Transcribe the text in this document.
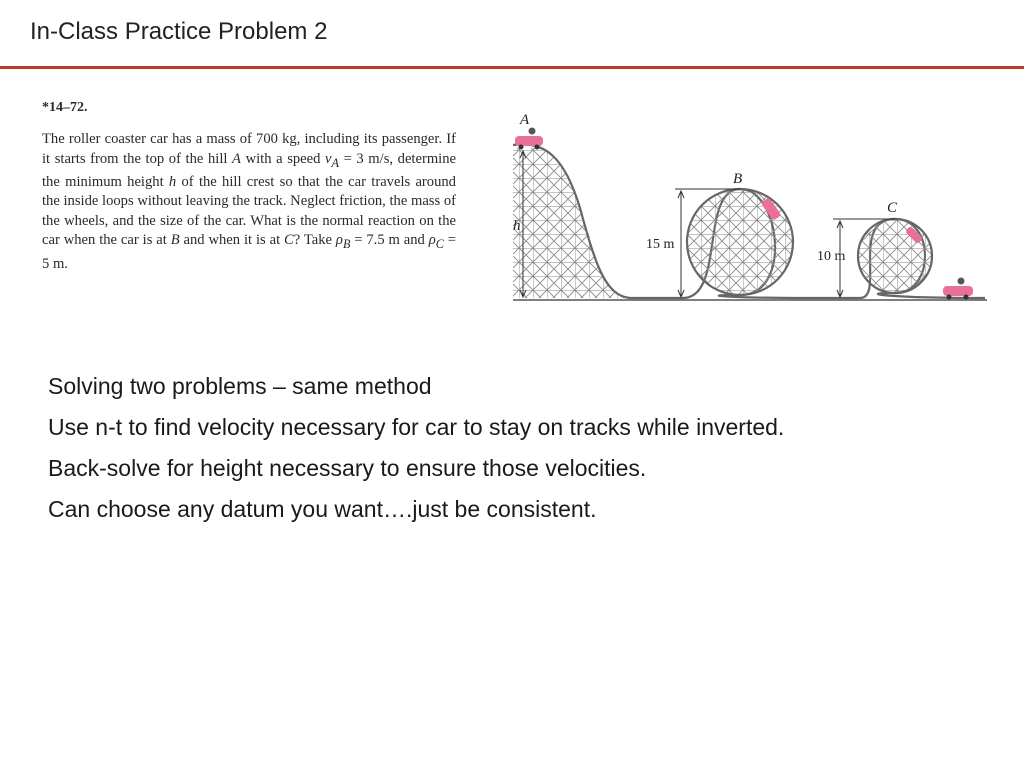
In-Class Practice Problem 2
*14–72.
The roller coaster car has a mass of 700 kg, including its passenger. If it starts from the top of the hill A with a speed $v_A = 3$ m/s, determine the minimum height h of the hill crest so that the car travels around the inside loops without leaving the track. Neglect friction, the mass of the wheels, and the size of the car. What is the normal reaction on the car when the car is at B and when it is at C? Take $\rho_B = 7.5$ m and $\rho_C = 5$ m.
h
15 m
10 m
A
B
C
Solving two problems – same method
Use n-t to find velocity necessary for car to stay on tracks while inverted.
Back-solve for height necessary to ensure those velocities.
Can choose any datum you want….just be consistent.
